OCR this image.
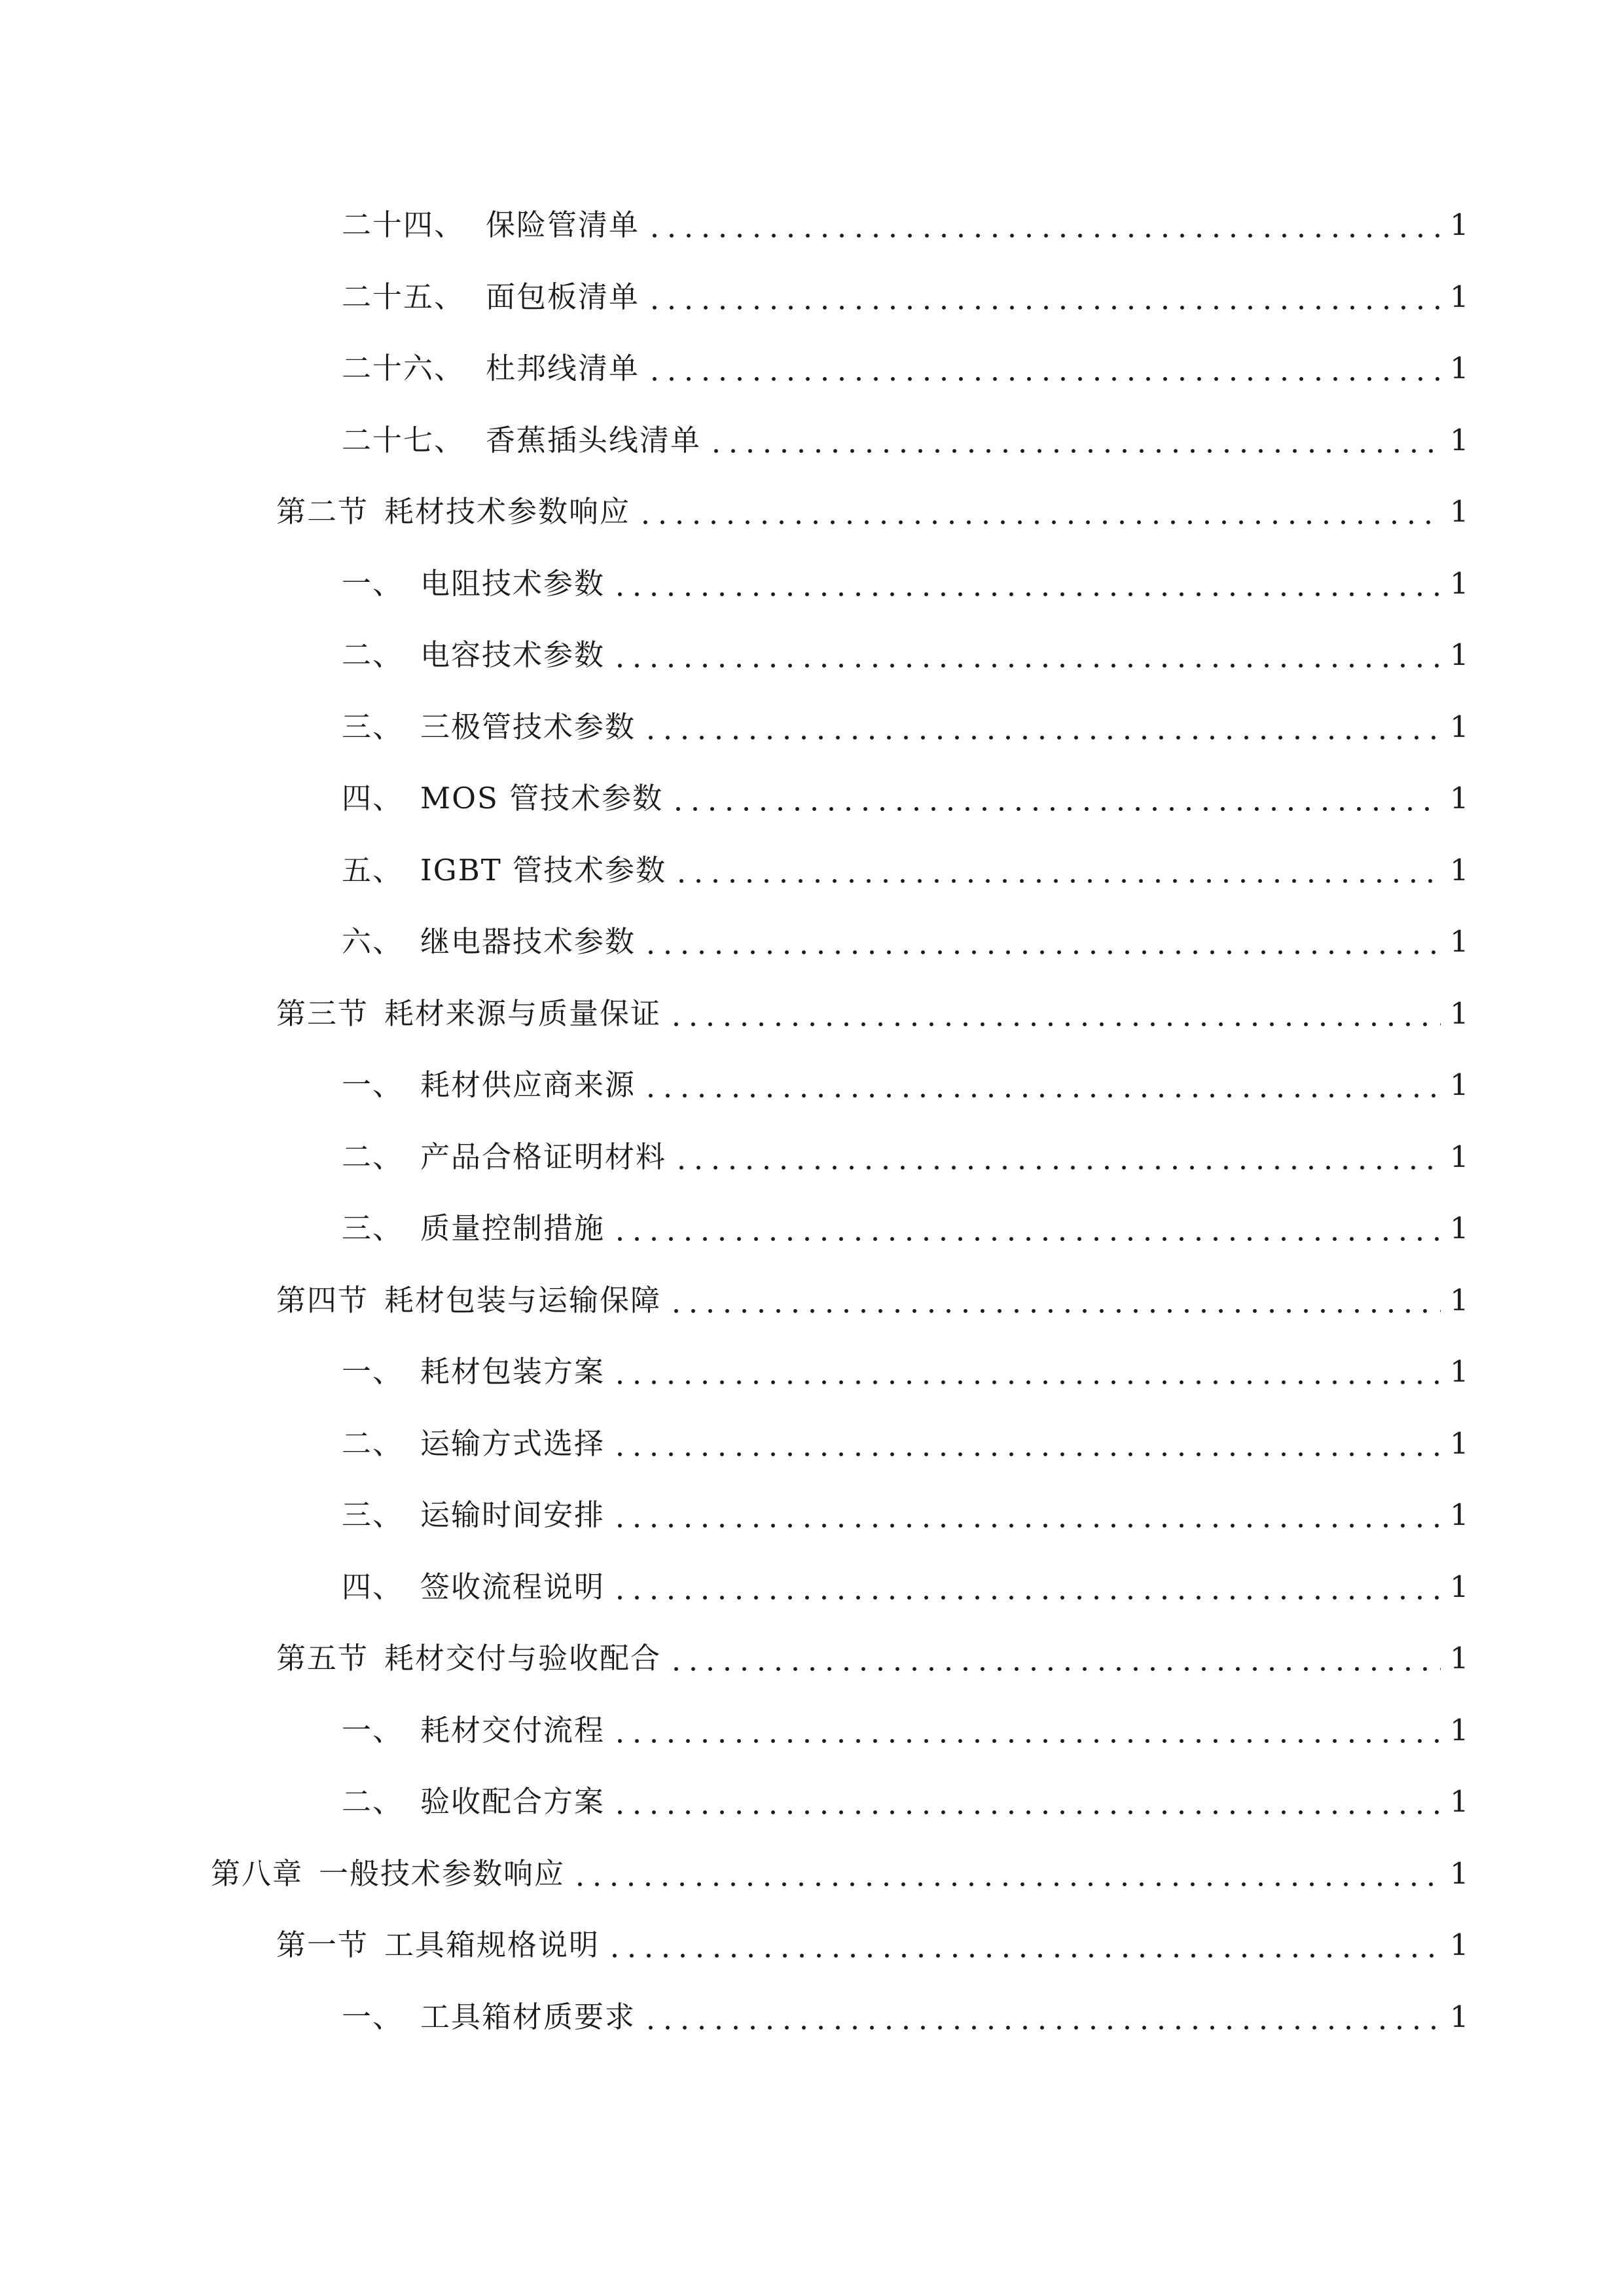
二十四、 保险管清单	1
二十五、 面包板清单	1
二十六、 杜邦线清单	1
二十七、 香蕉插头线清单	1
第二节 耗材技术参数响应	1
一、 电阻技术参数	1
二、 电容技术参数	1
三、 三极管技术参数	1
四、 MOS 管技术参数	1
五、 IGBT 管技术参数	1
六、 继电器技术参数	1
第三节 耗材来源与质量保证	1
一、 耗材供应商来源	1
二、 产品合格证明材料	1
三、 质量控制措施	1
第四节 耗材包装与运输保障	1
一、 耗材包装方案	1
二、 运输方式选择	1
三、 运输时间安排	1
四、 签收流程说明	1
第五节 耗材交付与验收配合	1
一、 耗材交付流程	1
二、 验收配合方案	1
第八章 一般技术参数响应	1
第一节 工具箱规格说明	1
一、 工具箱材质要求	1
